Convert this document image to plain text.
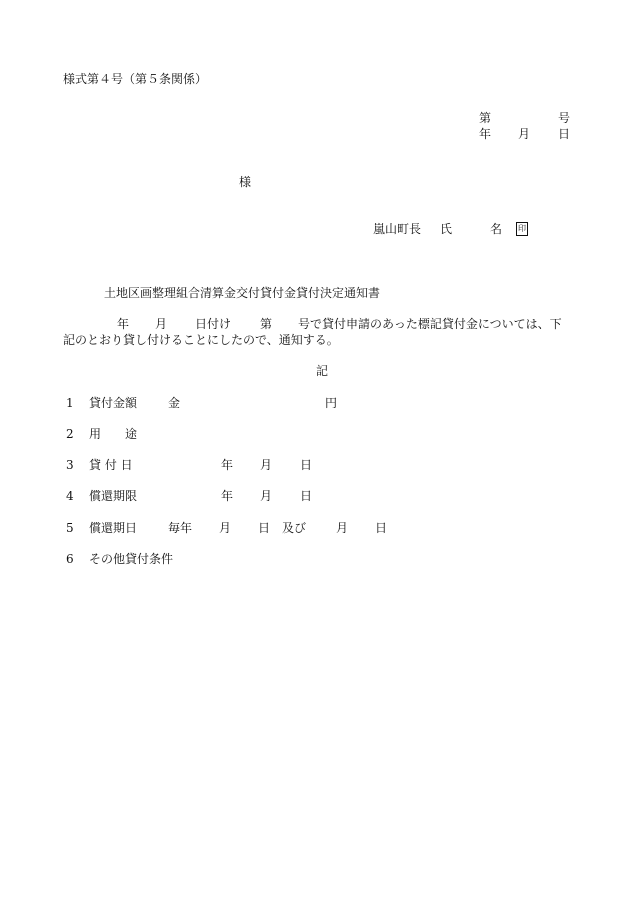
様式第４号（第５条関係）
第	号
年 月 日
様
嵐山町長 氏	名	印
土地区画整理組合清算金交付貸付金貸付決定通知書
年 月 日付け 第 号で貸付申請のあった標記貸付金については、下
記のとおり貸し付けることにしたので、通知する。
記
1 貸付金額	金	円
2 用　　途
3 貸 付 日	年 月 日
4 償還期限	年 月 日
5 償還期日	毎年 月 日 及び 月 日
6 その他貸付条件
